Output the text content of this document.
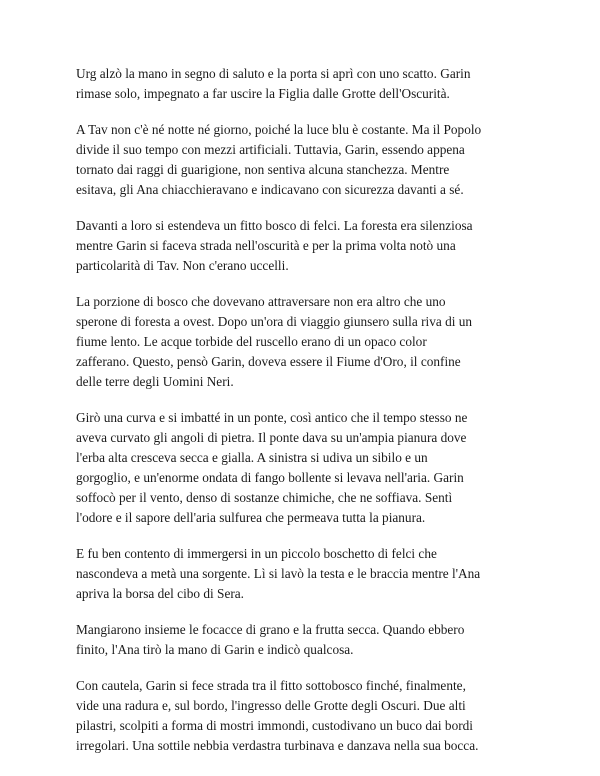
Urg alzò la mano in segno di saluto e la porta si aprì con uno scatto. Garin
rimase solo, impegnato a far uscire la Figlia dalle Grotte dell'Oscurità.

A Tav non c'è né notte né giorno, poiché la luce blu è costante. Ma il Popolo
divide il suo tempo con mezzi artificiali. Tuttavia, Garin, essendo appena
tornato dai raggi di guarigione, non sentiva alcuna stanchezza. Mentre
esitava, gli Ana chiacchieravano e indicavano con sicurezza davanti a sé.

Davanti a loro si estendeva un fitto bosco di felci. La foresta era silenziosa
mentre Garin si faceva strada nell'oscurità e per la prima volta notò una
particolarità di Tav. Non c'erano uccelli.

La porzione di bosco che dovevano attraversare non era altro che uno
sperone di foresta a ovest. Dopo un'ora di viaggio giunsero sulla riva di un
fiume lento. Le acque torbide del ruscello erano di un opaco color
zafferano. Questo, pensò Garin, doveva essere il Fiume d'Oro, il confine
delle terre degli Uomini Neri.

Girò una curva e si imbatté in un ponte, così antico che il tempo stesso ne
aveva curvato gli angoli di pietra. Il ponte dava su un'ampia pianura dove
l'erba alta cresceva secca e gialla. A sinistra si udiva un sibilo e un
gorgoglio, e un'enorme ondata di fango bollente si levava nell'aria. Garin
soffocò per il vento, denso di sostanze chimiche, che ne soffiava. Sentì
l'odore e il sapore dell'aria sulfurea che permeava tutta la pianura.

E fu ben contento di immergersi in un piccolo boschetto di felci che
nascondeva a metà una sorgente. Lì si lavò la testa e le braccia mentre l'Ana
apriva la borsa del cibo di Sera.

Mangiarono insieme le focacce di grano e la frutta secca. Quando ebbero
finito, l'Ana tirò la mano di Garin e indicò qualcosa.

Con cautela, Garin si fece strada tra il fitto sottobosco finché, finalmente,
vide una radura e, sul bordo, l'ingresso delle Grotte degli Oscuri. Due alti
pilastri, scolpiti a forma di mostri immondi, custodivano un buco dai bordi
irregolari. Una sottile nebbia verdastra turbinava e danzava nella sua bocca.
